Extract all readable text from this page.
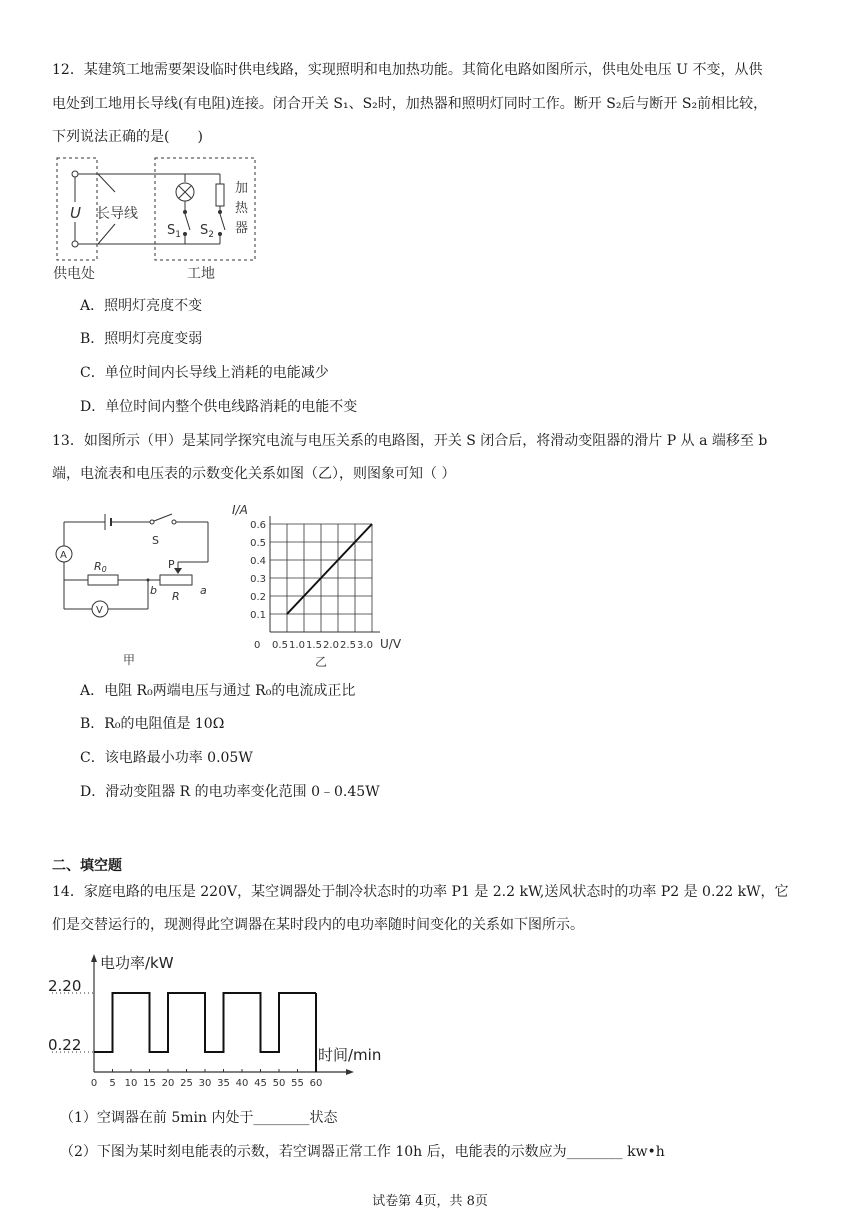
12．某建筑工地需要架设临时供电线路，实现照明和电加热功能。其简化电路如图所示，供电处电压 U 不变，从供
电处到工地用长导线(有电阻)连接。闭合开关 S₁、S₂时，加热器和照明灯同时工作。断开 S₂后与断开 S₂前相比较，
下列说法正确的是(　　)
U 长导线
$S_1$ $S_2$
加
热
器
供电处	工地
A．照明灯亮度不变
B．照明灯亮度变弱
C．单位时间内长导线上消耗的电能减少
D．单位时间内整个供电线路消耗的电能不变
13．如图所示（甲）是某同学探究电流与电压关系的电路图，开关 S 闭合后，将滑动变阻器的滑片 P 从 a 端移至 b
端，电流表和电压表的示数变化关系如图（乙），则图象可知（ ）
S
P
A
R0
b R a
V
甲
I/A
U/V
0
0.1
0.2
0.3
0.4
0.5
0.6
0.5 1.0 1.5 2.0 2.5 3.0
乙
A．电阻 R₀两端电压与通过 R₀的电流成正比
B．R₀的电阻值是 10Ω
C．该电路最小功率 0.05W
D．滑动变阻器 R 的电功率变化范围 0﹣0.45W
二、填空题
14．家庭电路的电压是 220V，某空调器处于制冷状态时的功率 P1 是 2.2 kW,送风状态时的功率 P2 是 0.22 kW，它
们是交替运行的，现测得此空调器在某时段内的电功率随时间变化的关系如下图所示。
电功率/kW
时间/min
0.22
2.20
0 5 10 15 20 25 30 35 40 45 50 55 60
（1）空调器在前 5min 内处于________状态
（2）下图为某时刻电能表的示数，若空调器正常工作 10h 后，电能表的示数应为________ kw•h
试卷第 4页，共 8页
